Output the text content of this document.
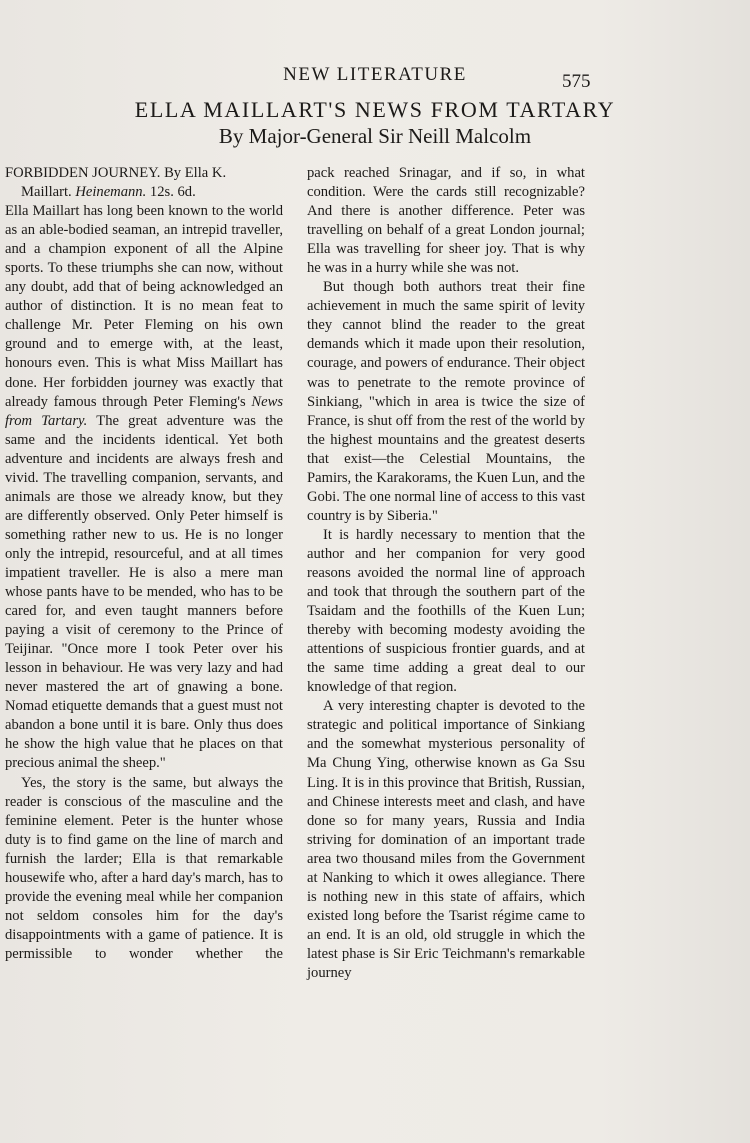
NEW LITERATURE	575
ELLA MAILLART'S NEWS FROM TARTARY
By Major-General Sir Neill Malcolm

FORBIDDEN JOURNEY. By Ella K.
Maillart. Heinemann. 12s. 6d.

Ella Maillart has long been known to the world as an able-bodied seaman, an intrepid traveller, and a champion exponent of all the Alpine sports. To these triumphs she can now, without any doubt, add that of being acknowledged an author of distinction. It is no mean feat to challenge Mr. Peter Fleming on his own ground and to emerge with, at the least, honours even. This is what Miss Maillart has done. Her forbidden journey was exactly that already famous through Peter Fleming's News from Tartary. The great adventure was the same and the incidents identical. Yet both adventure and incidents are always fresh and vivid. The travelling companion, servants, and animals are those we already know, but they are differently observed. Only Peter himself is something rather new to us. He is no longer only the intrepid, resourceful, and at all times impatient traveller. He is also a mere man whose pants have to be mended, who has to be cared for, and even taught manners before paying a visit of ceremony to the Prince of Teijinar. "Once more I took Peter over his lesson in behaviour. He was very lazy and had never mastered the art of gnawing a bone. Nomad etiquette demands that a guest must not abandon a bone until it is bare. Only thus does he show the high value that he places on that precious animal the sheep."

Yes, the story is the same, but always the reader is conscious of the masculine and the feminine element. Peter is the hunter whose duty is to find game on the line of march and furnish the larder; Ella is that remarkable housewife who, after a hard day's march, has to provide the evening meal while her companion not seldom consoles him for the day's disappointments with a game of patience. It is permissible to wonder whether the

pack reached Srinagar, and if so, in what condition. Were the cards still recognizable? And there is another difference. Peter was travelling on behalf of a great London journal; Ella was travelling for sheer joy. That is why he was in a hurry while she was not.

But though both authors treat their fine achievement in much the same spirit of levity they cannot blind the reader to the great demands which it made upon their resolution, courage, and powers of endurance. Their object was to penetrate to the remote province of Sinkiang, "which in area is twice the size of France, is shut off from the rest of the world by the highest mountains and the greatest deserts that exist—the Celestial Mountains, the Pamirs, the Karakorams, the Kuen Lun, and the Gobi. The one normal line of access to this vast country is by Siberia."

It is hardly necessary to mention that the author and her companion for very good reasons avoided the normal line of approach and took that through the southern part of the Tsaidam and the foothills of the Kuen Lun; thereby with becoming modesty avoiding the attentions of suspicious frontier guards, and at the same time adding a great deal to our knowledge of that region.

A very interesting chapter is devoted to the strategic and political importance of Sinkiang and the somewhat mysterious personality of Ma Chung Ying, otherwise known as Ga Ssu Ling. It is in this province that British, Russian, and Chinese interests meet and clash, and have done so for many years, Russia and India striving for domination of an important trade area two thousand miles from the Government at Nanking to which it owes allegiance. There is nothing new in this state of affairs, which existed long before the Tsarist régime came to an end. It is an old, old struggle in which the latest phase is Sir Eric Teichmann's remarkable journey
